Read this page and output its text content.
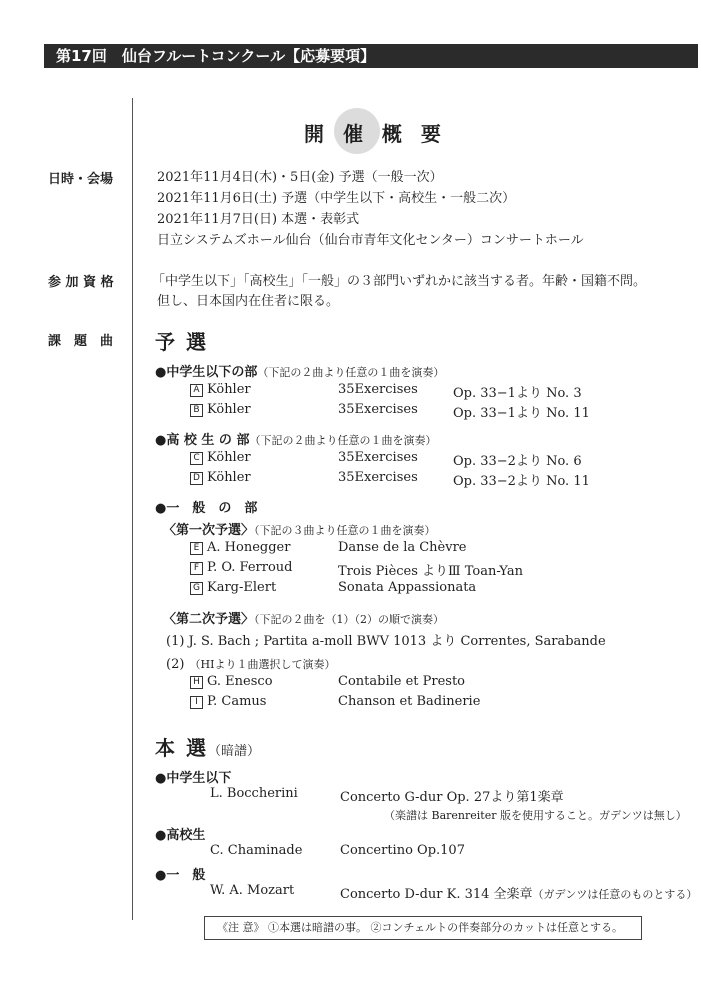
第17回　仙台フルートコンクール【応募要項】
開 催 概 要
日時・会場	2021年11月4日(木)・5日(金) 予選（一般一次）
2021年11月6日(土) 予選（中学生以下・高校生・一般二次）
2021年11月7日(日) 本選・表彰式
日立システムズホール仙台（仙台市青年文化センター）コンサートホール
参 加 資 格	「中学生以下」「高校生」「一般」の３部門いずれかに該当する者。年齢・国籍不問。
但し、日本国内在住者に限る。
課　題　曲 予 選
●中学生以下の部（下記の２曲より任意の１曲を演奏）
A Köhler	35Exercises	Op. 33−1より No. 3
B Köhler	35Exercises	Op. 33−1より No. 11
●高 校 生 の 部（下記の２曲より任意の１曲を演奏）
C Köhler	35Exercises	Op. 33−2より No. 6
D Köhler	35Exercises	Op. 33−2より No. 11
●一　般　の　部
〈第一次予選〉（下記の３曲より任意の１曲を演奏）
E A. Honegger	Danse de la Chèvre
F P. O. Ferroud	Trois Pièces よりⅢ Toan-Yan
G Karg-Elert	Sonata Appassionata
〈第二次予選〉（下記の２曲を（1）（2）の順で演奏）
(1) J. S. Bach ; Partita a-moll BWV 1013 より Correntes, Sarabande
(2) （HIより１曲選択して演奏）
H G. Enesco	Contabile et Presto
I P. Camus	Chanson et Badinerie
本 選（暗譜）
●中学生以下
L. Boccherini	Concerto G-dur Op. 27より第1楽章
（楽譜は Barenreiter 版を使用すること。ガデンツは無し）
●高校生
C. Chaminade	Concertino Op.107
●一　般
W. A. Mozart	Concerto D-dur K. 314 全楽章（ガデンツは任意のものとする）
《注 意》 ①本選は暗譜の事。 ②コンチェルトの伴奏部分のカットは任意とする。
